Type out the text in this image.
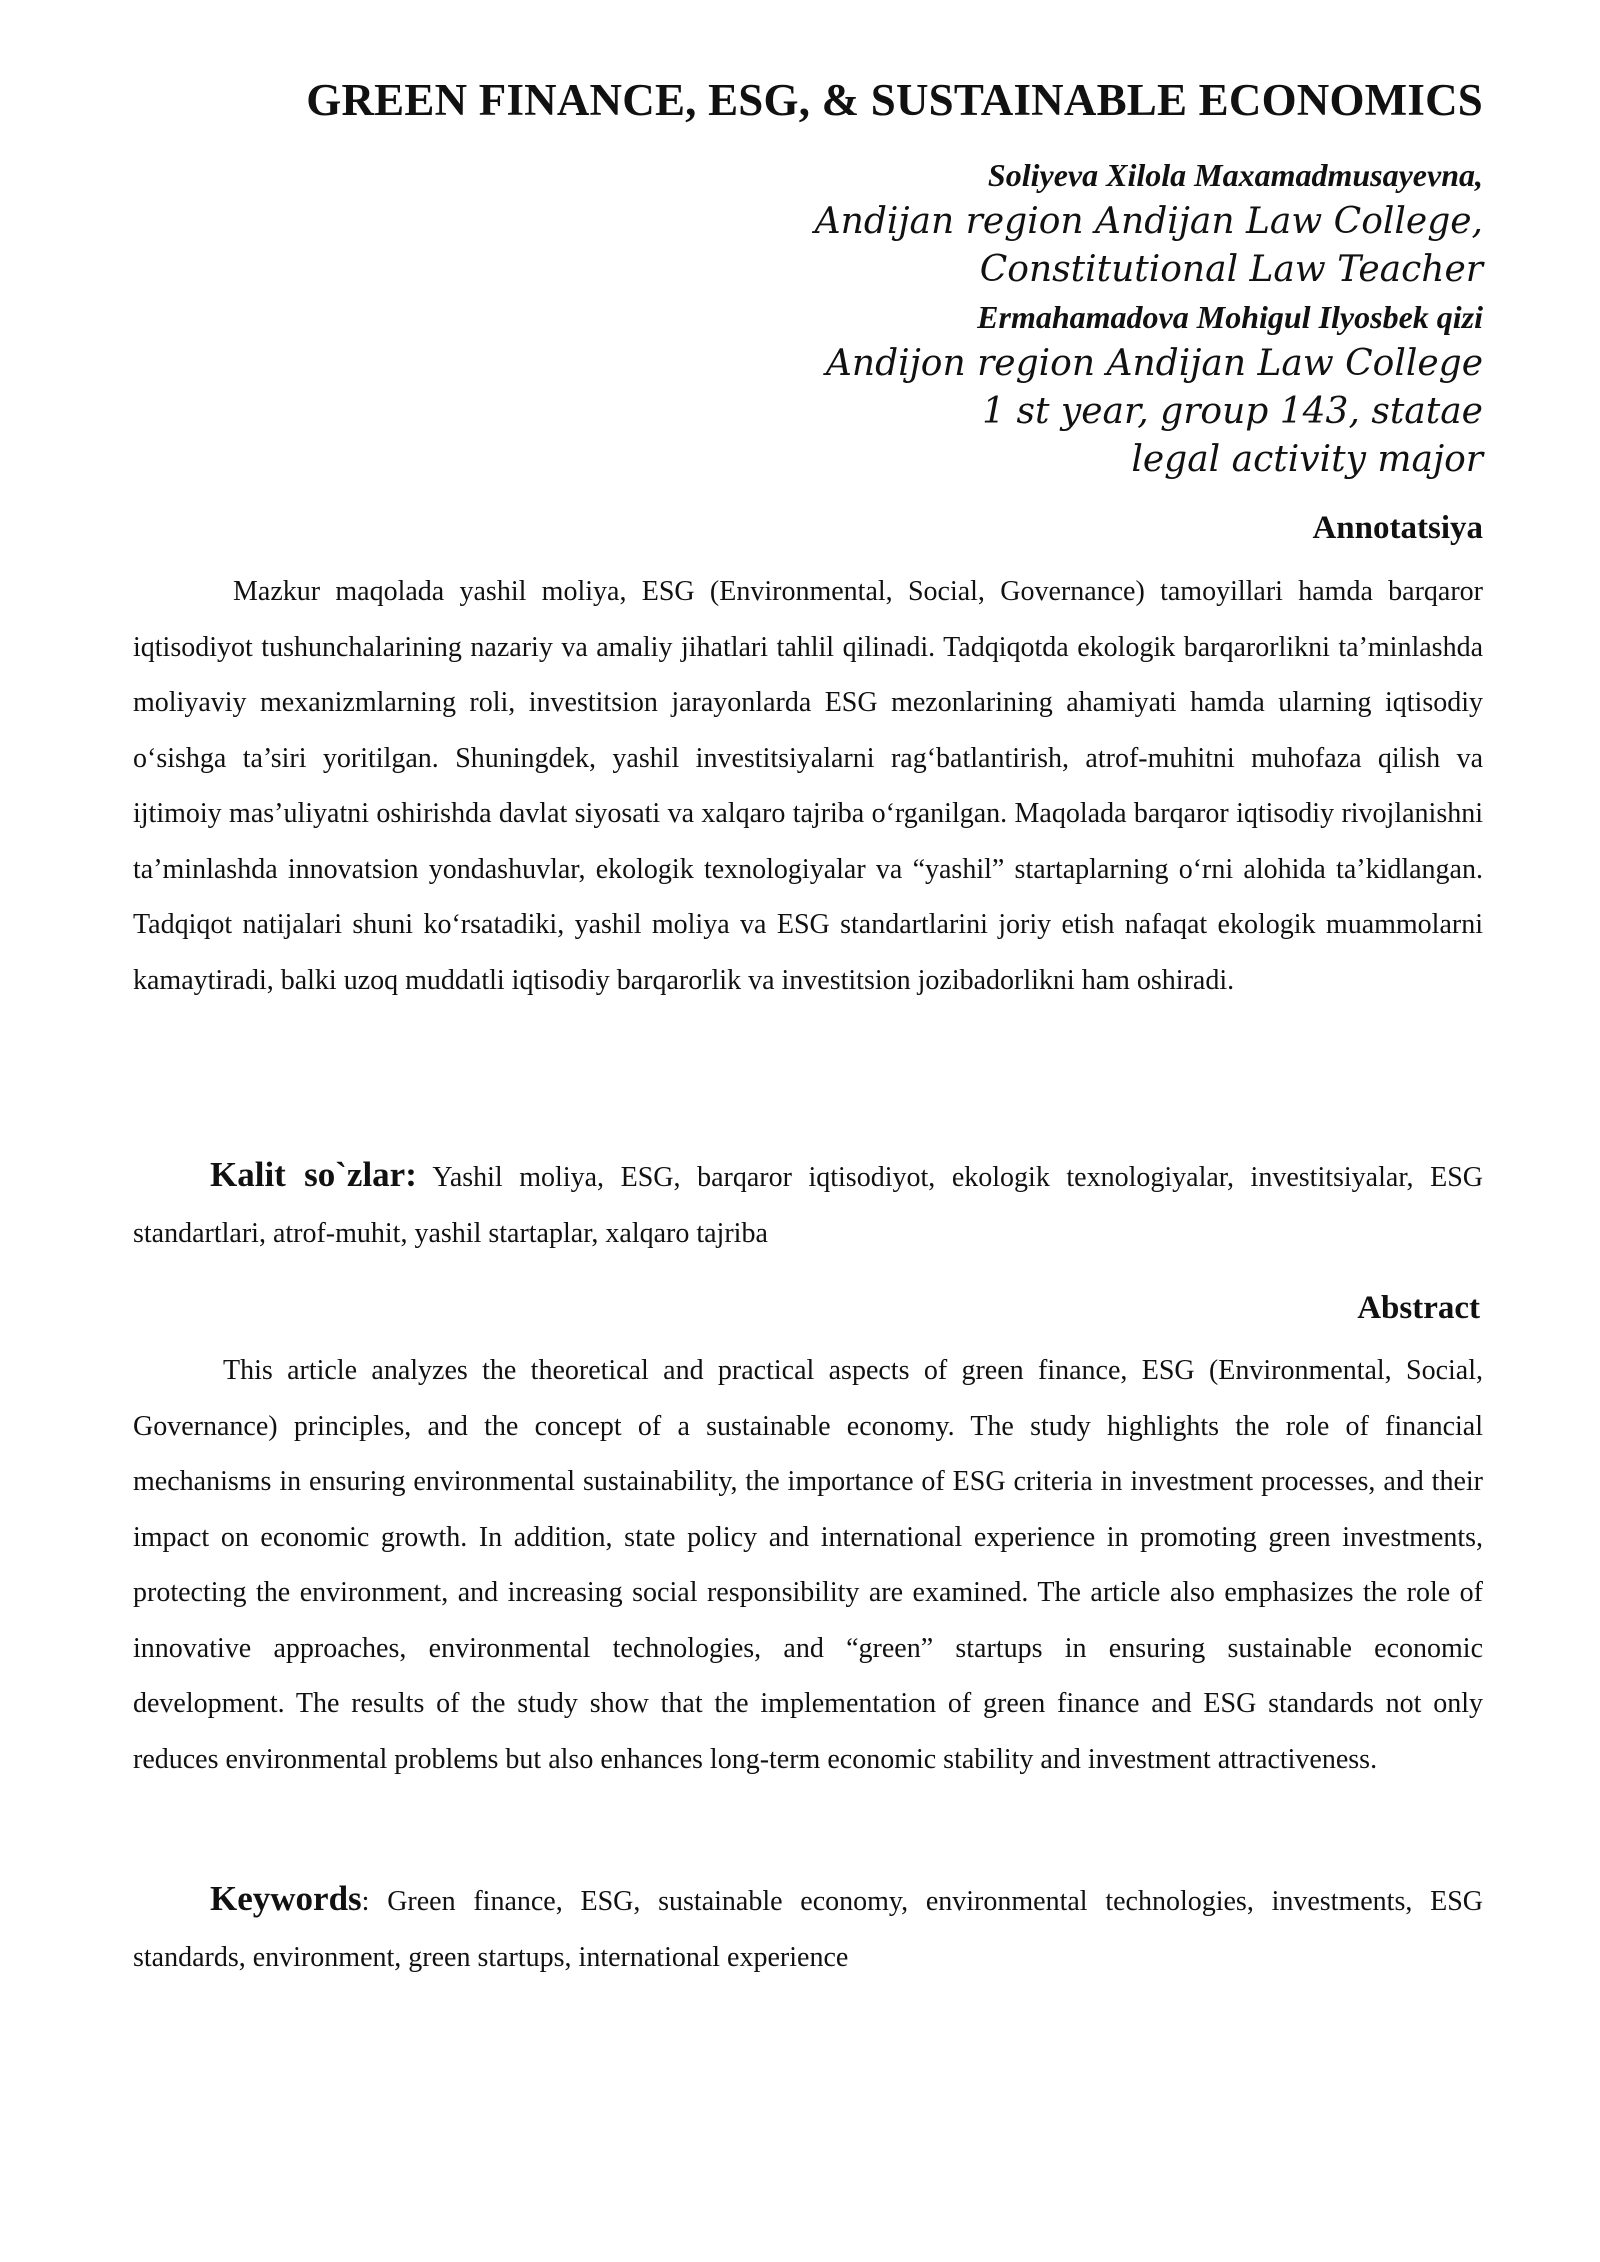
GREEN FINANCE, ESG, & SUSTAINABLE ECONOMICS
Soliyeva Xilola Maxamadmusayevna,
Andijan region Andijan Law College,
Constitutional Law Teacher
Ermahamadova Mohigul Ilyosbek qizi
Andijon region Andijan Law College
1 st year, group 143, statae
legal activity major
Annotatsiya

Mazkur maqolada yashil moliya, ESG (Environmental, Social, Governance) tamoyillari hamda barqaror iqtisodiyot tushunchalarining nazariy va amaliy jihatlari tahlil qilinadi. Tadqiqotda ekologik barqarorlikni ta’minlashda moliyaviy mexanizmlarning roli, investitsion jarayonlarda ESG mezonlarining ahamiyati hamda ularning iqtisodiy o‘sishga ta’siri yoritilgan. Shuningdek, yashil investitsiyalarni rag‘batlantirish, atrof-muhitni muhofaza qilish va ijtimoiy mas’uliyatni oshirishda davlat siyosati va xalqaro tajriba o‘rganilgan. Maqolada barqaror iqtisodiy rivojlanishni ta’minlashda innovatsion yondashuvlar, ekologik texnologiyalar va “yashil” startaplarning o‘rni alohida ta’kidlangan. Tadqiqot natijalari shuni ko‘rsatadiki, yashil moliya va ESG standartlarini joriy etish nafaqat ekologik muammolarni kamaytiradi, balki uzoq muddatli iqtisodiy barqarorlik va investitsion jozibadorlikni ham oshiradi.

Kalit so`zlar: Yashil moliya, ESG, barqaror iqtisodiyot, ekologik texnologiyalar, investitsiyalar, ESG standartlari, atrof-muhit, yashil startaplar, xalqaro tajriba

Abstract

This article analyzes the theoretical and practical aspects of green finance, ESG (Environmental, Social, Governance) principles, and the concept of a sustainable economy. The study highlights the role of financial mechanisms in ensuring environmental sustainability, the importance of ESG criteria in investment processes, and their impact on economic growth. In addition, state policy and international experience in promoting green investments, protecting the environment, and increasing social responsibility are examined. The article also emphasizes the role of innovative approaches, environmental technologies, and “green” startups in ensuring sustainable economic development. The results of the study show that the implementation of green finance and ESG standards not only reduces environmental problems but also enhances long-term economic stability and investment attractiveness.

Keywords: Green finance, ESG, sustainable economy, environmental technologies, investments, ESG standards, environment, green startups, international experience
